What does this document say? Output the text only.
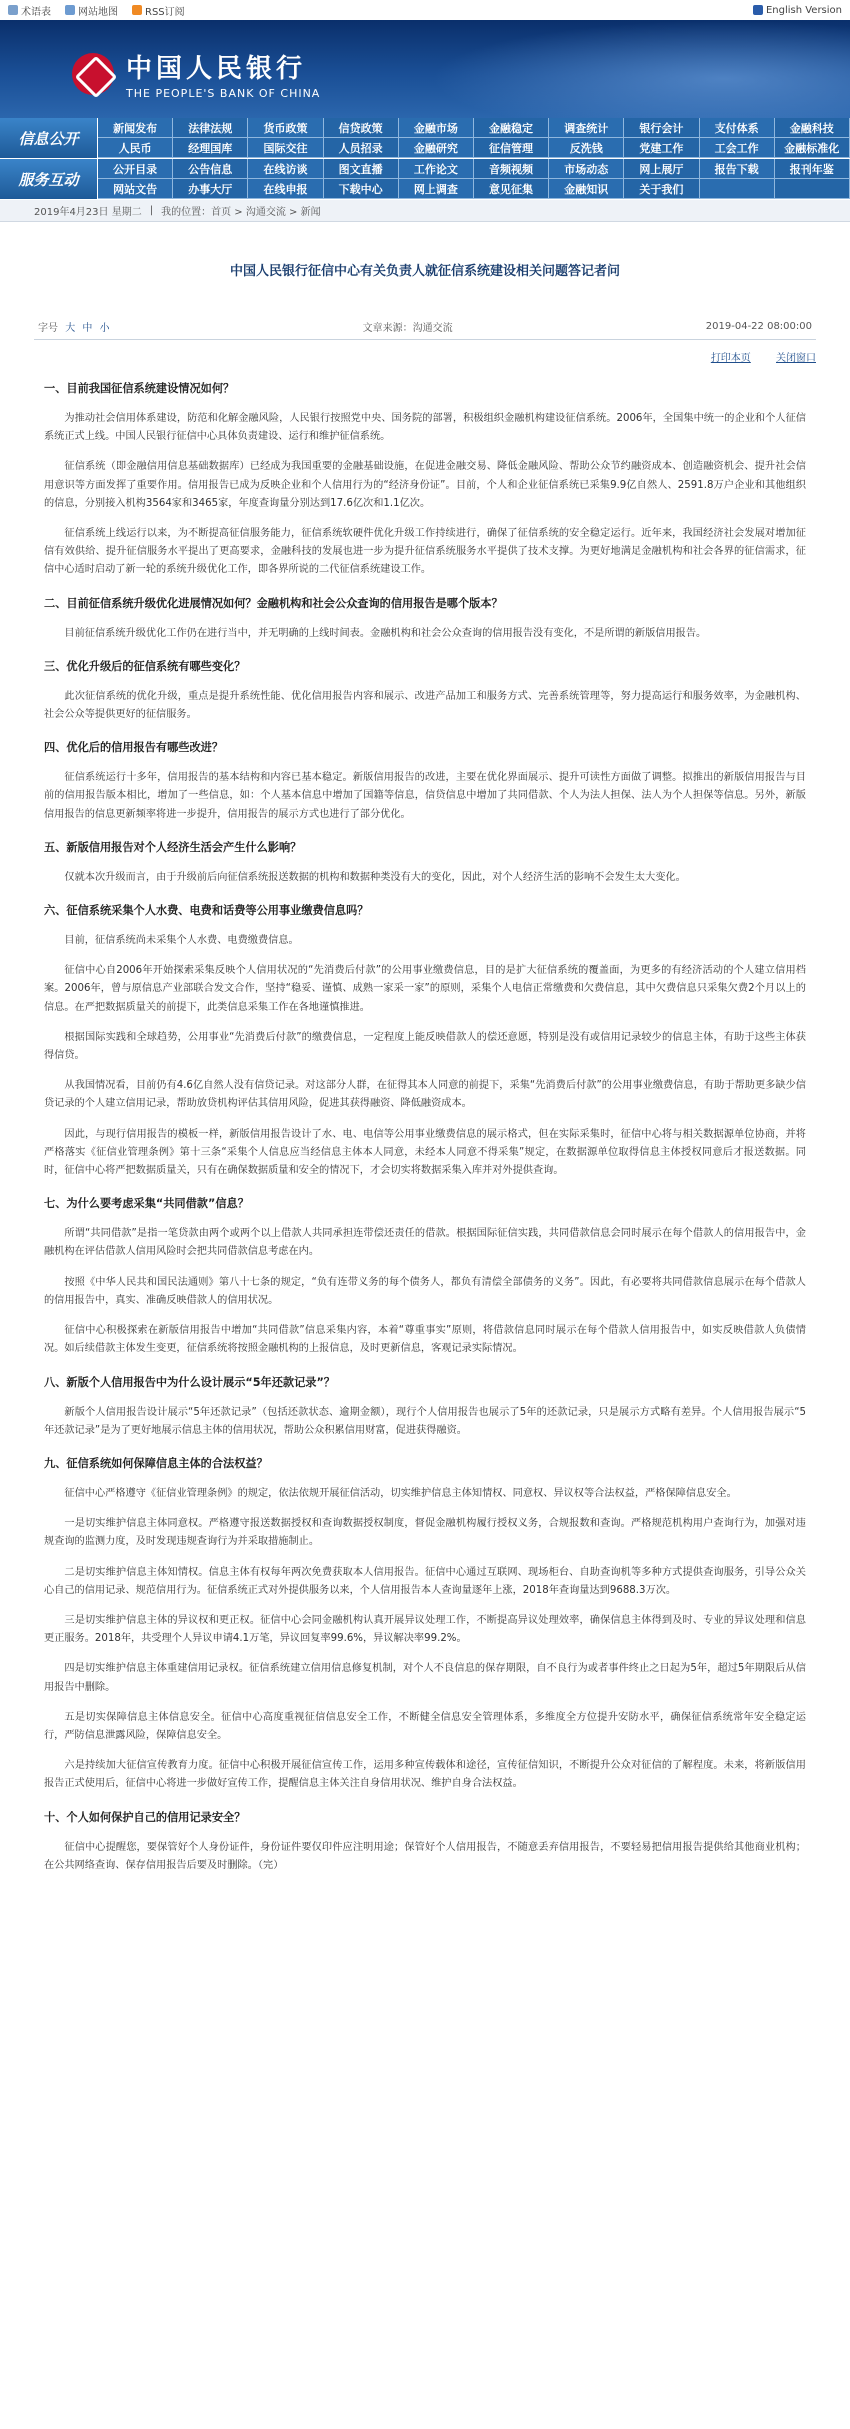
术语表	网站地图	RSS订阅	English Version
中国人民银行
THE PEOPLE'S BANK OF CHINA
信息公开
新闻发布	法律法规	货币政策	信贷政策	金融市场	金融稳定	调查统计	银行会计	支付体系	金融科技
人民币	经理国库	国际交往	人员招录	金融研究	征信管理	反洗钱	党建工作	工会工作	金融标准化
服务互动
公开目录	公告信息	在线访谈	图文直播	工作论文	音频视频	市场动态	网上展厅	报告下载	报刊年鉴
网站文告	办事大厅	在线申报	下载中心	网上调查	意见征集	金融知识	关于我们
2019年4月23日 星期二 | 我的位置：首页 > 沟通交流 > 新闻
中国人民银行征信中心有关负责人就征信系统建设相关问题答记者问
字号 大 中 小	文章来源：沟通交流	2019-04-22 08:00:00
打印本页	关闭窗口
一、目前我国征信系统建设情况如何？

为推动社会信用体系建设，防范和化解金融风险，人民银行按照党中央、国务院的部署，积极组织金融机构建设征信系统。2006年，全国集中统一的企业和个人征信系统正式上线。中国人民银行征信中心具体负责建设、运行和维护征信系统。

征信系统（即金融信用信息基础数据库）已经成为我国重要的金融基础设施，在促进金融交易、降低金融风险、帮助公众节约融资成本、创造融资机会、提升社会信用意识等方面发挥了重要作用。信用报告已成为反映企业和个人信用行为的“经济身份证”。目前，个人和企业征信系统已采集9.9亿自然人、2591.8万户企业和其他组织的信息，分别接入机构3564家和3465家，年度查询量分别达到17.6亿次和1.1亿次。

征信系统上线运行以来，为不断提高征信服务能力，征信系统软硬件优化升级工作持续进行，确保了征信系统的安全稳定运行。近年来，我国经济社会发展对增加征信有效供给、提升征信服务水平提出了更高要求，金融科技的发展也进一步为提升征信系统服务水平提供了技术支撑。为更好地满足金融机构和社会各界的征信需求，征信中心适时启动了新一轮的系统升级优化工作，即各界所说的二代征信系统建设工作。

二、目前征信系统升级优化进展情况如何？金融机构和社会公众查询的信用报告是哪个版本？

目前征信系统升级优化工作仍在进行当中，并无明确的上线时间表。金融机构和社会公众查询的信用报告没有变化，不是所谓的新版信用报告。

三、优化升级后的征信系统有哪些变化？

此次征信系统的优化升级，重点是提升系统性能、优化信用报告内容和展示、改进产品加工和服务方式、完善系统管理等，努力提高运行和服务效率，为金融机构、社会公众等提供更好的征信服务。

四、优化后的信用报告有哪些改进？

征信系统运行十多年，信用报告的基本结构和内容已基本稳定。新版信用报告的改进，主要在优化界面展示、提升可读性方面做了调整。拟推出的新版信用报告与目前的信用报告版本相比，增加了一些信息，如：个人基本信息中增加了国籍等信息，信贷信息中增加了共同借款、个人为法人担保、法人为个人担保等信息。另外，新版信用报告的信息更新频率将进一步提升，信用报告的展示方式也进行了部分优化。

五、新版信用报告对个人经济生活会产生什么影响？

仅就本次升级而言，由于升级前后向征信系统报送数据的机构和数据种类没有大的变化，因此，对个人经济生活的影响不会发生太大变化。

六、征信系统采集个人水费、电费和话费等公用事业缴费信息吗？

目前，征信系统尚未采集个人水费、电费缴费信息。

征信中心自2006年开始探索采集反映个人信用状况的“先消费后付款”的公用事业缴费信息，目的是扩大征信系统的覆盖面，为更多的有经济活动的个人建立信用档案。2006年，曾与原信息产业部联合发文合作，坚持“稳妥、谨慎、成熟一家采一家”的原则，采集个人电信正常缴费和欠费信息，其中欠费信息只采集欠费2个月以上的信息。在严把数据质量关的前提下，此类信息采集工作在各地谨慎推进。

根据国际实践和全球趋势，公用事业“先消费后付款”的缴费信息，一定程度上能反映借款人的偿还意愿，特别是没有或信用记录较少的信息主体，有助于这些主体获得信贷。

从我国情况看，目前仍有4.6亿自然人没有信贷记录。对这部分人群，在征得其本人同意的前提下，采集“先消费后付款”的公用事业缴费信息，有助于帮助更多缺少信贷记录的个人建立信用记录，帮助放贷机构评估其信用风险，促进其获得融资、降低融资成本。

因此，与现行信用报告的模板一样，新版信用报告设计了水、电、电信等公用事业缴费信息的展示格式，但在实际采集时，征信中心将与相关数据源单位协商，并将严格落实《征信业管理条例》第十三条“采集个人信息应当经信息主体本人同意，未经本人同意不得采集”规定，在数据源单位取得信息主体授权同意后才报送数据。同时，征信中心将严把数据质量关，只有在确保数据质量和安全的情况下，才会切实将数据采集入库并对外提供查询。

七、为什么要考虑采集“共同借款”信息？

所谓“共同借款”是指一笔贷款由两个或两个以上借款人共同承担连带偿还责任的借款。根据国际征信实践，共同借款信息会同时展示在每个借款人的信用报告中，金融机构在评估借款人信用风险时会把共同借款信息考虑在内。

按照《中华人民共和国民法通则》第八十七条的规定，“负有连带义务的每个债务人，都负有清偿全部债务的义务”。因此，有必要将共同借款信息展示在每个借款人的信用报告中，真实、准确反映借款人的信用状况。

征信中心积极探索在新版信用报告中增加“共同借款”信息采集内容，本着“尊重事实”原则，将借款信息同时展示在每个借款人信用报告中，如实反映借款人负债情况。如后续借款主体发生变更，征信系统将按照金融机构的上报信息，及时更新信息，客观记录实际情况。

八、新版个人信用报告中为什么设计展示“5年还款记录”？

新版个人信用报告设计展示“5年还款记录”（包括还款状态、逾期金额），现行个人信用报告也展示了5年的还款记录，只是展示方式略有差异。个人信用报告展示“5年还款记录”是为了更好地展示信息主体的信用状况，帮助公众积累信用财富，促进获得融资。

九、征信系统如何保障信息主体的合法权益？

征信中心严格遵守《征信业管理条例》的规定，依法依规开展征信活动，切实维护信息主体知情权、同意权、异议权等合法权益，严格保障信息安全。

一是切实维护信息主体同意权。严格遵守报送数据授权和查询数据授权制度，督促金融机构履行授权义务，合规报数和查询。严格规范机构用户查询行为，加强对违规查询的监测力度，及时发现违规查询行为并采取措施制止。

二是切实维护信息主体知情权。信息主体有权每年两次免费获取本人信用报告。征信中心通过互联网、现场柜台、自助查询机等多种方式提供查询服务，引导公众关心自己的信用记录、规范信用行为。征信系统正式对外提供服务以来，个人信用报告本人查询量逐年上涨，2018年查询量达到9688.3万次。

三是切实维护信息主体的异议权和更正权。征信中心会同金融机构认真开展异议处理工作，不断提高异议处理效率，确保信息主体得到及时、专业的异议处理和信息更正服务。2018年，共受理个人异议申请4.1万笔，异议回复率99.6%，异议解决率99.2%。

四是切实维护信息主体重建信用记录权。征信系统建立信用信息修复机制，对个人不良信息的保存期限，自不良行为或者事件终止之日起为5年，超过5年期限后从信用报告中删除。

五是切实保障信息主体信息安全。征信中心高度重视征信信息安全工作，不断健全信息安全管理体系，多维度全方位提升安防水平，确保征信系统常年安全稳定运行，严防信息泄露风险，保障信息安全。

六是持续加大征信宣传教育力度。征信中心积极开展征信宣传工作，运用多种宣传载体和途径，宣传征信知识，不断提升公众对征信的了解程度。未来，将新版信用报告正式使用后，征信中心将进一步做好宣传工作，提醒信息主体关注自身信用状况、维护自身合法权益。

十、个人如何保护自己的信用记录安全？

征信中心提醒您，要保管好个人身份证件，身份证件要仅印件应注明用途；保管好个人信用报告，不随意丢弃信用报告，不要轻易把信用报告提供给其他商业机构；在公共网络查询、保存信用报告后要及时删除。（完）
